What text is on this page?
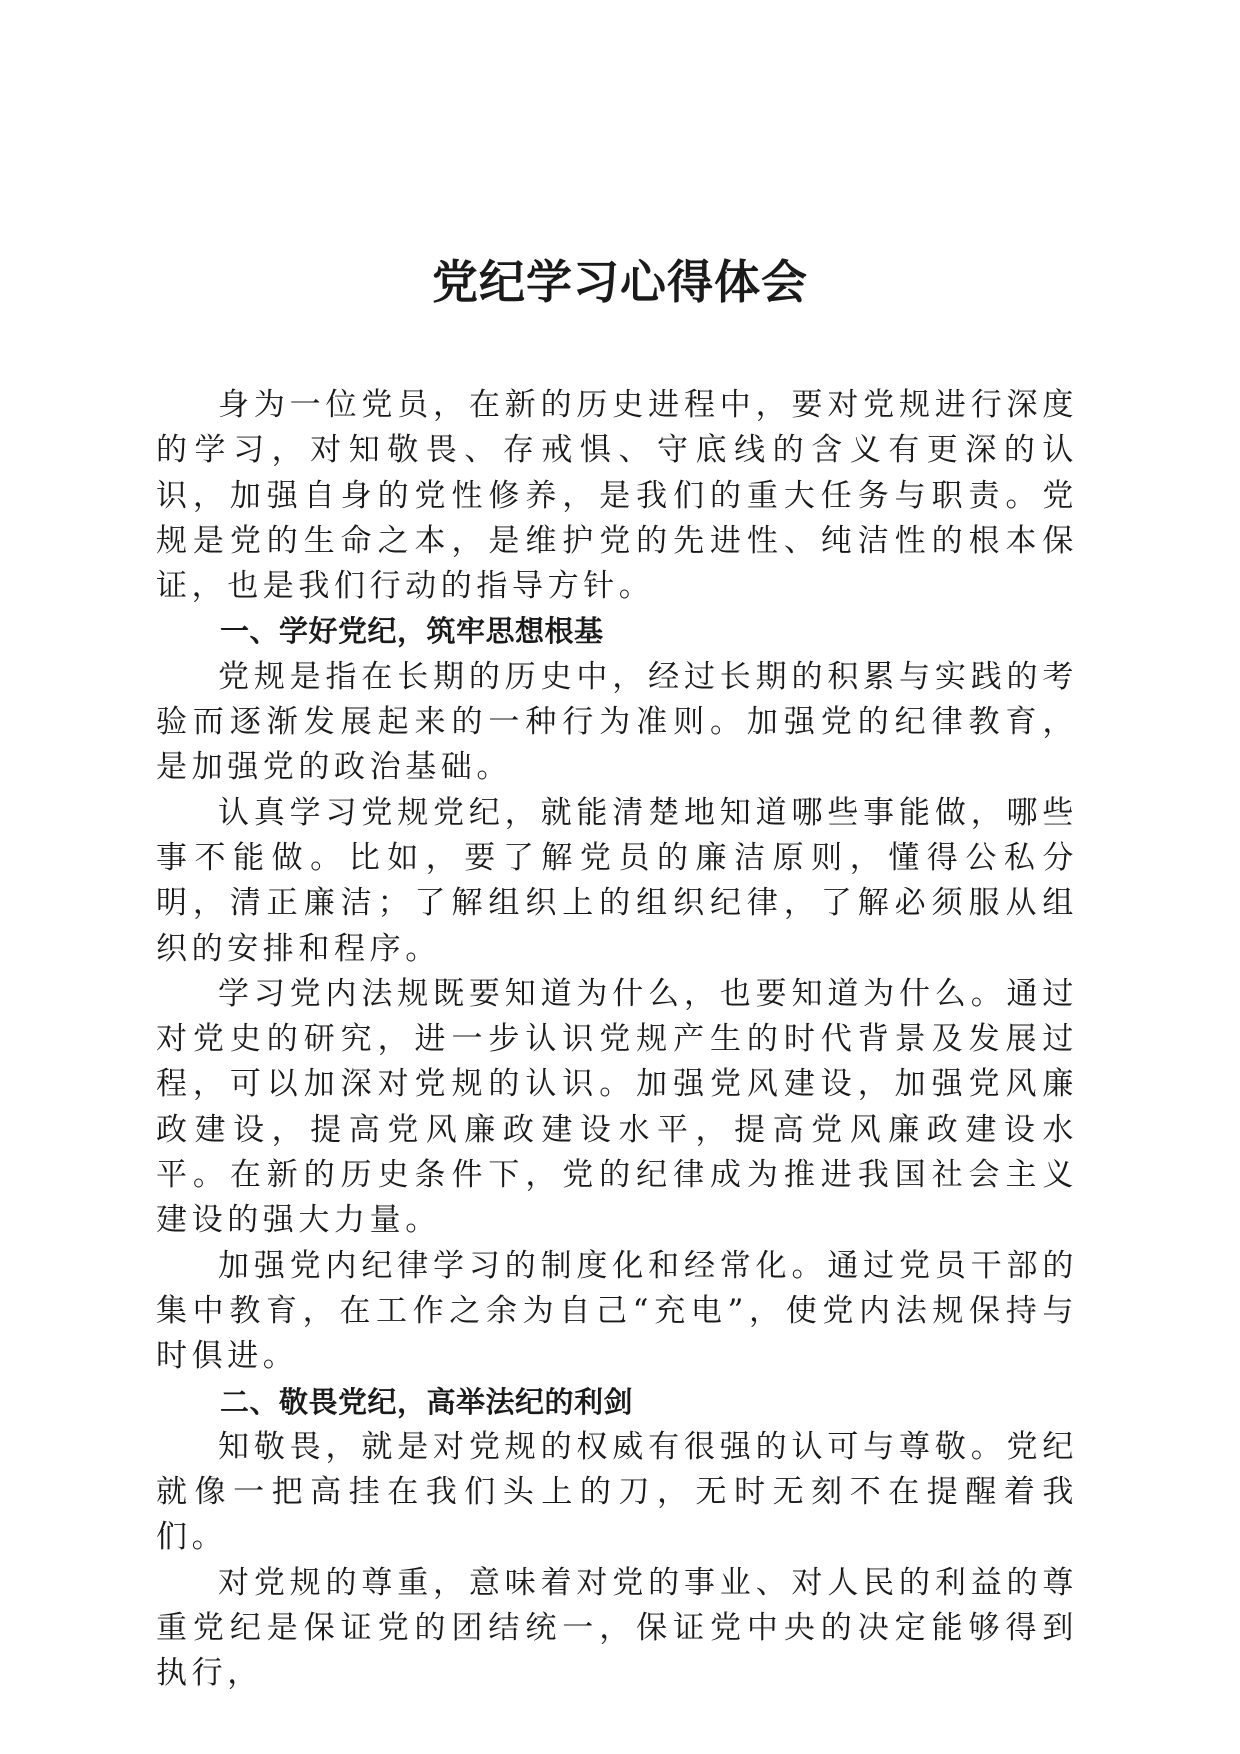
党纪学习心得体会

身为一位党员，在新的历史进程中，要对党规进行深度的学习，对知敬畏、存戒惧、守底线的含义有更深的认识，加强自身的党性修养，是我们的重大任务与职责。党规是党的生命之本，是维护党的先进性、纯洁性的根本保证，也是我们行动的指导方针。

一、学好党纪，筑牢思想根基

党规是指在长期的历史中，经过长期的积累与实践的考验而逐渐发展起来的一种行为准则。加强党的纪律教育，是加强党的政治基础。

认真学习党规党纪，就能清楚地知道哪些事能做，哪些事不能做。比如，要了解党员的廉洁原则，懂得公私分明，清正廉洁；了解组织上的组织纪律，了解必须服从组织的安排和程序。

学习党内法规既要知道为什么，也要知道为什么。通过对党史的研究，进一步认识党规产生的时代背景及发展过程，可以加深对党规的认识。加强党风建设，加强党风廉政建设，提高党风廉政建设水平，提高党风廉政建设水平。在新的历史条件下，党的纪律成为推进我国社会主义建设的强大力量。

加强党内纪律学习的制度化和经常化。通过党员干部的集中教育，在工作之余为自己“充电”，使党内法规保持与时俱进。

二、敬畏党纪，高举法纪的利剑

知敬畏，就是对党规的权威有很强的认可与尊敬。党纪就像一把高挂在我们头上的刀，无时无刻不在提醒着我们。

对党规的尊重，意味着对党的事业、对人民的利益的尊重党纪是保证党的团结统一，保证党中央的决定能够得到执行，
